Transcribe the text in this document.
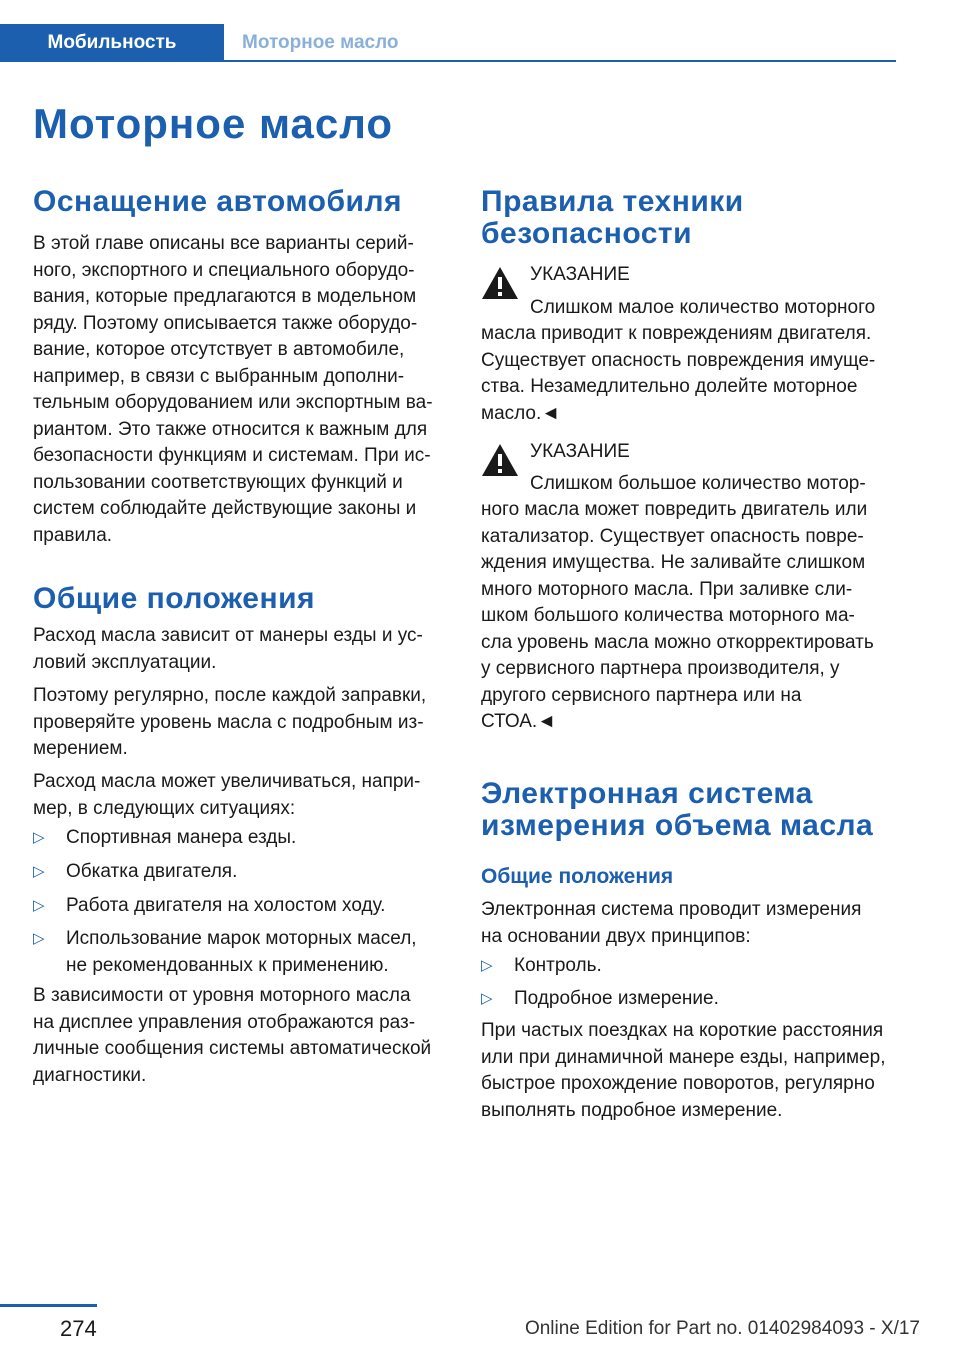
Мобильность	Моторное масло
Моторное масло
Оснащение автомобиля
В этой главе описаны все варианты серий-
ного, экспортного и специального оборудо-
вания, которые предлагаются в модельном
ряду. Поэтому описывается также оборудо-
вание, которое отсутствует в автомобиле,
например, в связи с выбранным дополни-
тельным оборудованием или экспортным ва-
риантом. Это также относится к важным для
безопасности функциям и системам. При ис-
пользовании соответствующих функций и
систем соблюдайте действующие законы и
правила.
Общие положения
Расход масла зависит от манеры езды и ус-
ловий эксплуатации.
Поэтому регулярно, после каждой заправки,
проверяйте уровень масла с подробным из-
мерением.
Расход масла может увеличиваться, напри-
мер, в следующих ситуациях:
▷ Спортивная манера езды.
▷ Обкатка двигателя.
▷ Работа двигателя на холостом ходу.
▷ Использование марок моторных масел,
не рекомендованных к применению.
В зависимости от уровня моторного масла
на дисплее управления отображаются раз-
личные сообщения системы автоматической
диагностики.
Правила техники
безопасности
УКАЗАНИЕ
Слишком малое количество моторного
масла приводит к повреждениям двигателя.
Существует опасность повреждения имуще-
ства. Незамедлительно долейте моторное
масло.◄
УКАЗАНИЕ
Слишком большое количество мотор-
ного масла может повредить двигатель или
катализатор. Существует опасность повре-
ждения имущества. Не заливайте слишком
много моторного масла. При заливке сли-
шком большого количества моторного ма-
сла уровень масла можно откорректировать
у сервисного партнера производителя, у
другого сервисного партнера или на
СТОА.◄
Электронная система
измерения объема масла
Общие положения
Электронная система проводит измерения
на основании двух принципов:
▷ Контроль.
▷ Подробное измерение.
При частых поездках на короткие расстояния
или при динамичной манере езды, например,
быстрое прохождение поворотов, регулярно
выполнять подробное измерение.
274	Online Edition for Part no. 01402984093 - X/17
